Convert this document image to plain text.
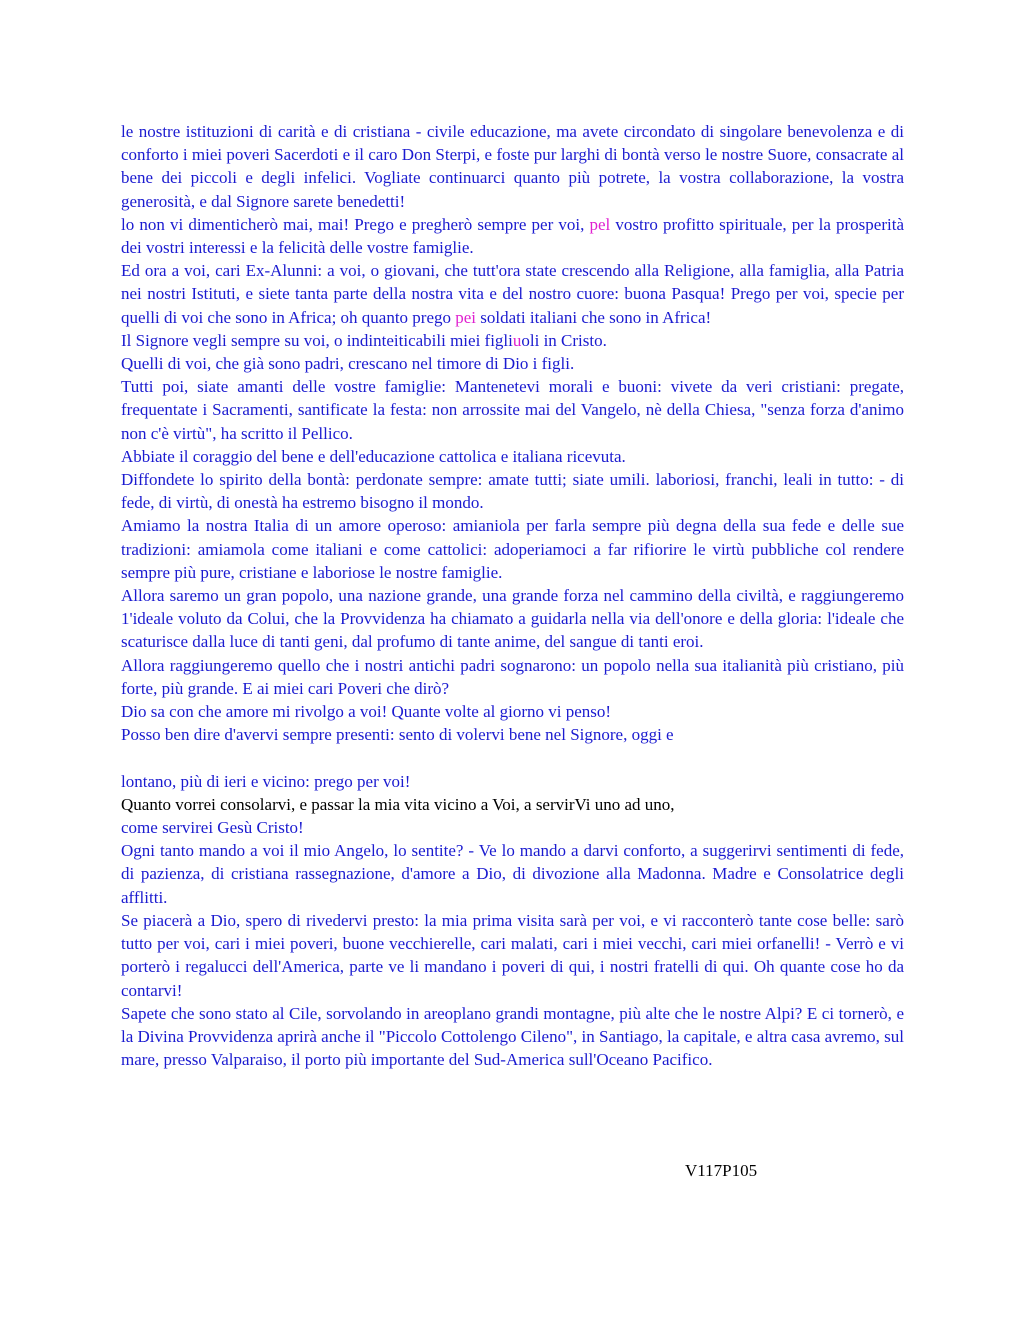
le nostre istituzioni di carità e di cristiana - civile educazione, ma avete circondato di singolare benevolenza e di conforto i miei poveri Sacerdoti e il caro Don Sterpi, e foste pur larghi di bontà verso le nostre Suore, consacrate al bene dei piccoli e degli infelici. Vogliate continuarci quanto più potrete, la vostra collaborazione, la vostra generosità, e dal Signore sarete benedetti!

lo non vi dimenticherò mai, mai! Prego e pregherò sempre per voi, pel vostro profitto spirituale, per la prosperità dei vostri interessi e la felicità delle vostre famiglie.

Ed ora a voi, cari Ex-Alunni: a voi, o giovani, che tutt'ora state crescendo alla Religione, alla famiglia, alla Patria nei nostri Istituti, e siete tanta parte della nostra vita e del nostro cuore: buona Pasqua! Prego per voi, specie per quelli di voi che sono in Africa; oh quanto prego pei soldati italiani che sono in Africa!

Il Signore vegli sempre su voi, o indinteiticabili miei figliuoli in Cristo.

Quelli di voi, che già sono padri, crescano nel timore di Dio i figli.

Tutti poi, siate amanti delle vostre famiglie: Mantenetevi morali e buoni: vivete da veri cristiani: pregate, frequentate i Sacramenti, santificate la festa: non arrossite mai del Vangelo, nè della Chiesa, "senza forza d'animo non c'è virtù", ha scritto il Pellico.

Abbiate il coraggio del bene e dell'educazione cattolica e italiana ricevuta.

Diffondete lo spirito della bontà: perdonate sempre: amate tutti; siate umili. laboriosi, franchi, leali in tutto: - di fede, di virtù, di onestà ha estremo bisogno il mondo.

Amiamo la nostra Italia di un amore operoso: amianiola per farla sempre più degna della sua fede e delle sue tradizioni: amiamola come italiani e come cattolici: adoperiamoci a far rifiorire le virtù pubbliche col rendere sempre più pure, cristiane e laboriose le nostre famiglie.

Allora saremo un gran popolo, una nazione grande, una grande forza nel cammino della civiltà, e raggiungeremo 1'ideale voluto da Colui, che la Provvidenza ha chiamato a guidarla nella via dell'onore e della gloria: l'ideale che scaturisce dalla luce di tanti geni, dal profumo di tante anime, del sangue di tanti eroi.

Allora raggiungeremo quello che i nostri antichi padri sognarono: un popolo nella sua italianità più cristiano, più forte, più grande. E ai miei cari Poveri che dirò?

Dio sa con che amore mi rivolgo a voi! Quante volte al giorno vi penso!

Posso ben dire d'avervi sempre presenti: sento di volervi bene nel Signore, oggi e

lontano, più di ieri e vicino: prego per voi!

Quanto vorrei consolarvi, e passar la mia vita vicino a Voi, a servirVi uno ad uno,

come servirei Gesù Cristo!

Ogni tanto mando a voi il mio Angelo, lo sentite? - Ve lo mando a darvi conforto, a suggerirvi sentimenti di fede, di pazienza, di cristiana rassegnazione, d'amore a Dio, di divozione alla Madonna. Madre e Consolatrice degli afflitti.

Se piacerà a Dio, spero di rivedervi presto: la mia prima visita sarà per voi, e vi racconterò tante cose belle: sarò tutto per voi, cari i miei poveri, buone vecchierelle, cari malati, cari i miei vecchi, cari miei orfanelli! - Verrò e vi porterò i regalucci dell'America, parte ve li mandano i poveri di qui, i nostri fratelli di qui. Oh quante cose ho da contarvi!

Sapete che sono stato al Cile, sorvolando in areoplano grandi montagne, più alte che le nostre Alpi? E ci tornerò, e la Divina Provvidenza aprirà anche il "Piccolo Cottolengo Cileno", in Santiago, la capitale, e altra casa avremo, sul mare, presso Valparaiso, il porto più importante del Sud-America sull'Oceano Pacifico.

V117P105
